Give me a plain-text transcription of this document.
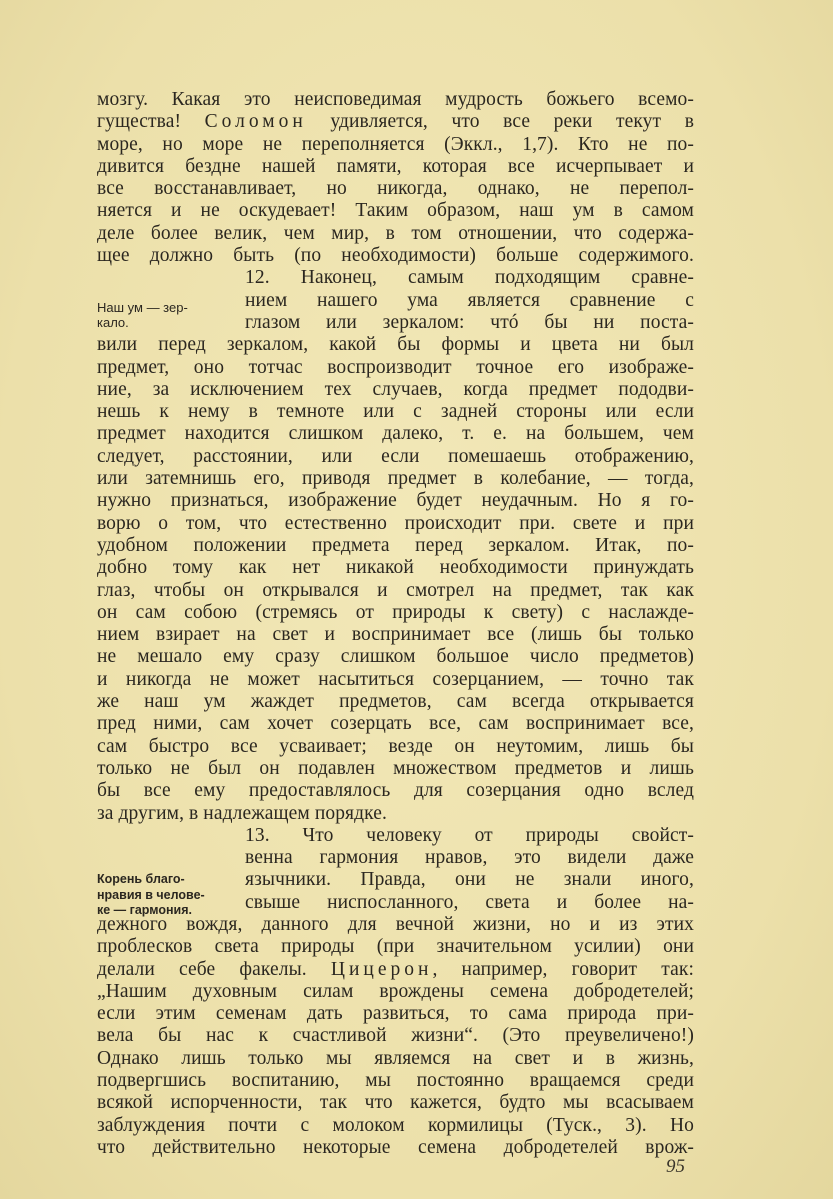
мозгу. Какая это неисповедимая мудрость божьего всемо-
гущества! Соломон удивляется, что все реки текут в
море, но море не переполняется (Эккл., 1,7). Кто не по-
дивится бездне нашей памяти, которая все исчерпывает и
все восстанавливает, но никогда, однако, не перепол-
няется и не оскудевает! Таким образом, наш ум в самом
деле более велик, чем мир, в том отношении, что содержа-
щее должно быть (по необходимости) больше содержимого.
12. Наконец, самым подходящим сравне-
нием нашего ума является сравнение с
глазом или зеркалом: чтó бы ни поста-
вили перед зеркалом, какой бы формы и цвета ни был
предмет, оно тотчас воспроизводит точное его изображе-
ние, за исключением тех случаев, когда предмет пододви-
нешь к нему в темноте или с задней стороны или если
предмет находится слишком далеко, т. е. на большем, чем
следует, расстоянии, или если помешаешь отображению,
или затемнишь его, приводя предмет в колебание, — тогда,
нужно признаться, изображение будет неудачным. Но я го-
ворю о том, что естественно происходит при. свете и при
удобном положении предмета перед зеркалом. Итак, по-
добно тому как нет никакой необходимости принуждать
глаз, чтобы он открывался и смотрел на предмет, так как
он сам собою (стремясь от природы к свету) с наслажде-
нием взирает на свет и воспринимает все (лишь бы только
не мешало ему сразу слишком большое число предметов)
и никогда не может насытиться созерцанием, — точно так
же наш ум жаждет предметов, сам всегда открывается
пред ними, сам хочет созерцать все, сам воспринимает все,
сам быстро все усваивает; везде он неутомим, лишь бы
только не был он подавлен множеством предметов и лишь
бы все ему предоставлялось для созерцания одно вслед
за другим, в надлежащем порядке.
13. Что человеку от природы свойст-
венна гармония нравов, это видели даже
язычники. Правда, они не знали иного,
свыше ниспосланного, света и более на-
дежного вождя, данного для вечной жизни, но и из этих
проблесков света природы (при значительном усилии) они
делали себе факелы. Цицерон, например, говорит так:
„Нашим духовным силам врождены семена добродетелей;
если этим семенам дать развиться, то сама природа при-
вела бы нас к счастливой жизни“. (Это преувеличено!)
Однако лишь только мы являемся на свет и в жизнь,
подвергшись воспитанию, мы постоянно вращаемся среди
всякой испорченности, так что кажется, будто мы всасываем
заблуждения почти с молоком кормилицы (Туск., 3). Но
что действительно некоторые семена добродетелей врож-
Наш ум — зер-
кало.
Корень благо-
нравия в челове-
ке — гармония.
95
